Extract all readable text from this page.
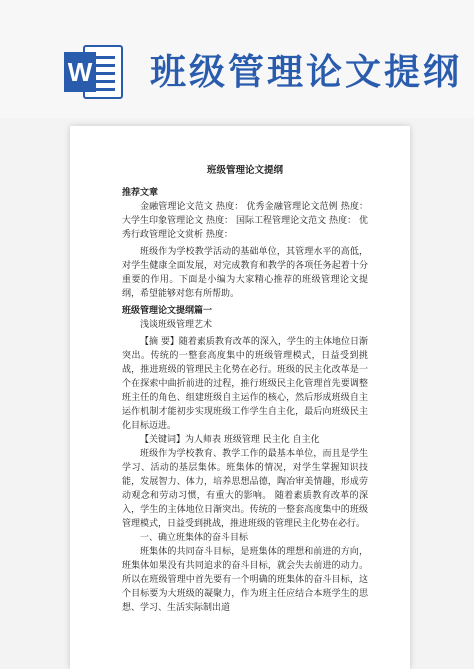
W 班级管理论文提纲
班级管理论文提纲
推荐文章
金融管理论文范文 热度： 优秀金融管理论文范例 热度： 大学生印象管理论文 热度： 国际工程管理论文范文 热度： 优秀行政管理论文赏析 热度：
班级作为学校教学活动的基础单位，其管理水平的高低，对学生健康全面发展，对完成教育和教学的各项任务起着十分重要的作用。下面是小编为大家精心推荐的班级管理论文提纲，希望能够对您有所帮助。
班级管理论文提纲篇一
浅谈班级管理艺术
【摘 要】随着素质教育改革的深入，学生的主体地位日渐突出。传统的一整套高度集中的班级管理模式，日益受到挑战，推进班级的管理民主化势在必行。班级的民主化改革是一个在探索中曲折前进的过程，推行班级民主化管理首先要调整班主任的角色、组建班级自主运作的核心，然后形成班级自主运作机制才能初步实现班级工作学生自主化，最后向班级民主化目标迈进。
【关键词】为人师表 班级管理 民主化 自主化
班级作为学校教育、教学工作的最基本单位，而且是学生学习、活动的基层集体。班集体的情况，对学生掌握知识技能，发展智力、体力，培养思想品德，陶冶审美情趣，形成劳动观念和劳动习惯，有重大的影响。 随着素质教育改革的深入，学生的主体地位日渐突出。传统的一整套高度集中的班级管理模式，日益受到挑战，推进班级的管理民主化势在必行。
一、确立班集体的奋斗目标
班集体的共同奋斗目标，是班集体的理想和前进的方向，班集体如果没有共同追求的奋斗目标，就会失去前进的动力。所以在班级管理中首先要有一个明确的班集体的奋斗目标，这个目标要为大班级的凝聚力，作为班主任应结合本班学生的思想、学习、生活实际制出道
